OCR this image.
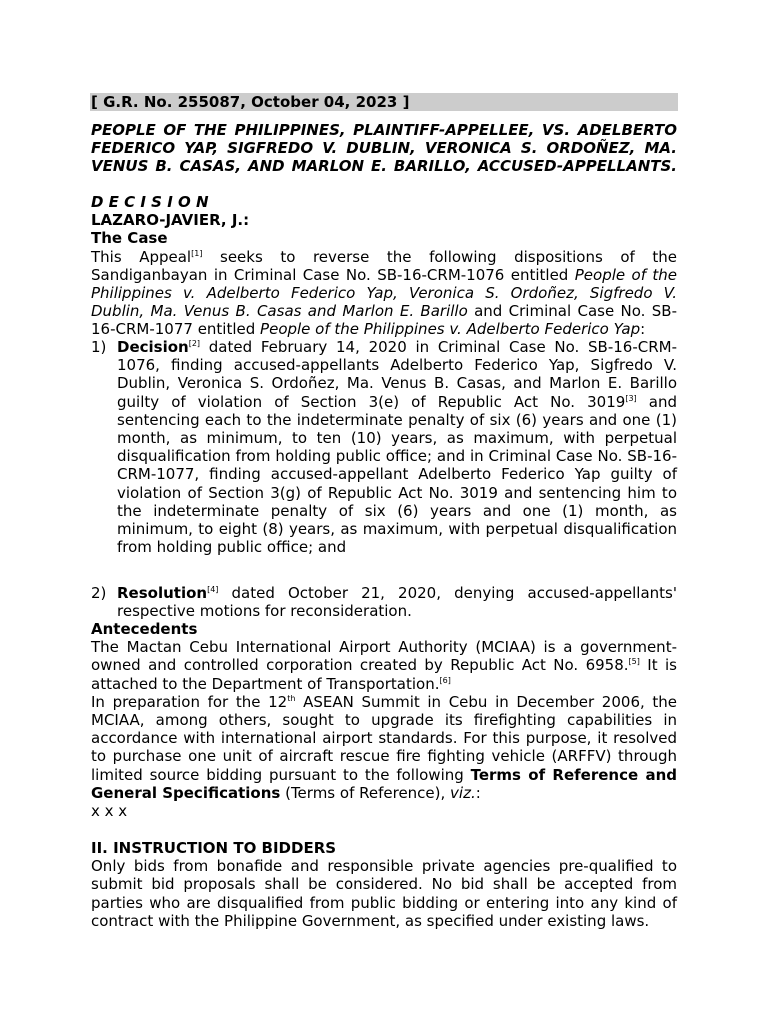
[ G.R. No. 255087, October 04, 2023 ]

PEOPLE OF THE PHILIPPINES, PLAINTIFF-APPELLEE, VS. ADELBERTO FEDERICO YAP, SIGFREDO V. DUBLIN, VERONICA S. ORDOÑEZ, MA. VENUS B. CASAS, AND MARLON E. BARILLO, ACCUSED-APPELLANTS.

D E C I S I O N

LAZARO-JAVIER, J.:

The Case

This Appeal[1] seeks to reverse the following dispositions of the Sandiganbayan in Criminal Case No. SB-16-CRM-1076 entitled People of the Philippines v. Adelberto Federico Yap, Veronica S. Ordoñez, Sigfredo V. Dublin, Ma. Venus B. Casas and Marlon E. Barillo and Criminal Case No. SB-16-CRM-1077 entitled People of the Philippines v. Adelberto Federico Yap:

1) Decision[2] dated February 14, 2020 in Criminal Case No. SB-16-CRM-1076, finding accused-appellants Adelberto Federico Yap, Sigfredo V. Dublin, Veronica S. Ordoñez, Ma. Venus B. Casas, and Marlon E. Barillo guilty of violation of Section 3(e) of Republic Act No. 3019[3] and sentencing each to the indeterminate penalty of six (6) years and one (1) month, as minimum, to ten (10) years, as maximum, with perpetual disqualification from holding public office; and in Criminal Case No. SB-16-CRM-1077, finding accused-appellant Adelberto Federico Yap guilty of violation of Section 3(g) of Republic Act No. 3019 and sentencing him to the indeterminate penalty of six (6) years and one (1) month, as minimum, to eight (8) years, as maximum, with perpetual disqualification from holding public office; and

2) Resolution[4] dated October 21, 2020, denying accused-appellants' respective motions for reconsideration.

Antecedents

The Mactan Cebu International Airport Authority (MCIAA) is a government-owned and controlled corporation created by Republic Act No. 6958.[5] It is attached to the Department of Transportation.[6]

In preparation for the 12th ASEAN Summit in Cebu in December 2006, the MCIAA, among others, sought to upgrade its firefighting capabilities in accordance with international airport standards. For this purpose, it resolved to purchase one unit of aircraft rescue fire fighting vehicle (ARFFV) through limited source bidding pursuant to the following Terms of Reference and General Specifications (Terms of Reference), viz.:

x x x

II. INSTRUCTION TO BIDDERS

Only bids from bonafide and responsible private agencies pre-qualified to submit bid proposals shall be considered. No bid shall be accepted from parties who are disqualified from public bidding or entering into any kind of contract with the Philippine Government, as specified under existing laws.
